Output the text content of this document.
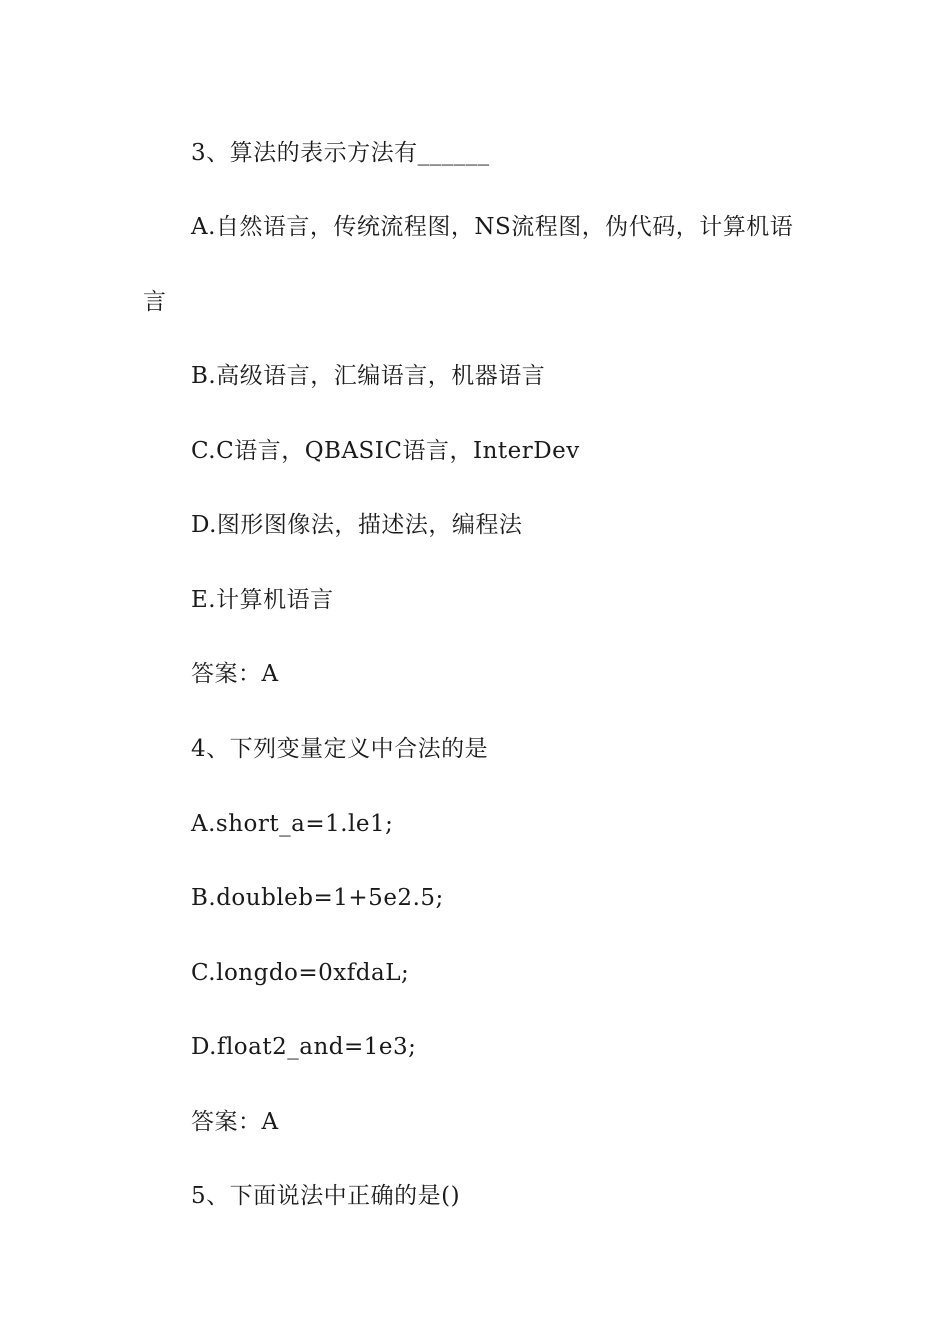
3、算法的表示方法有______
A.自然语言，传统流程图，NS流程图，伪代码，计算机语
言
B.高级语言，汇编语言，机器语言
C.C语言，QBASIC语言，InterDev
D.图形图像法，描述法，编程法
E.计算机语言
答案：A
4、下列变量定义中合法的是
A.short_a=1.le1;
B.doubleb=1+5e2.5;
C.longdo=0xfdaL;
D.float2_and=1e3;
答案：A
5、下面说法中正确的是()
